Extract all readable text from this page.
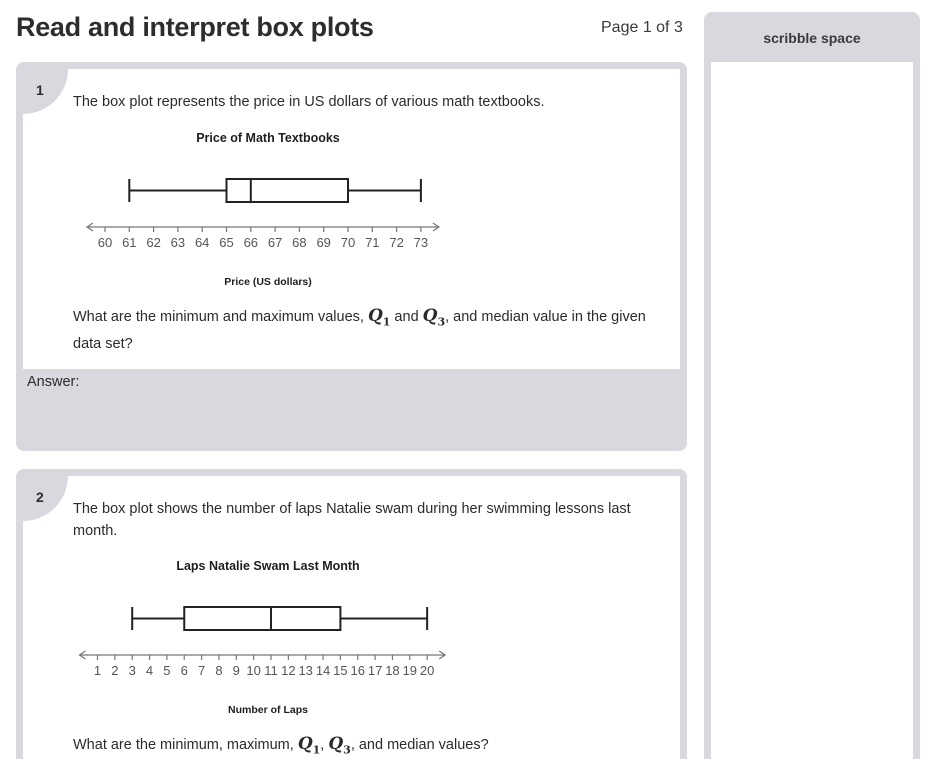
Read and interpret box plots	Page 1 of 3
1
The box plot represents the price in US dollars of various math textbooks.
Price of Math Textbooks
60 61 62 63 64 65 66 67 68 69 70 71 72 73
Price (US dollars)
What are the minimum and maximum values, $Q_1$ and $Q_3$, and median value in the given data set?
Answer:
2
The box plot shows the number of laps Natalie swam during her swimming lessons last month.
Laps Natalie Swam Last Month
1 2 3 4 5 6 7 8 9 10 11 12 13 14 15 16 17 18 19 20
Number of Laps
What are the minimum, maximum, $Q_1$, $Q_3$, and median values?
scribble space
